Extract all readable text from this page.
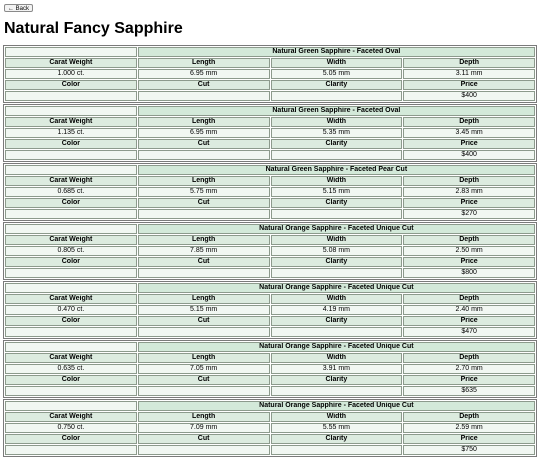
← Back
Natural Fancy Sapphire
	Natural Green Sapphire - Faceted Oval		
Carat Weight	Length	Width	Depth
1.000 ct.	6.95 mm	5.05 mm	3.11 mm
Color	Cut	Clarity	Price
			$400
	Natural Green Sapphire - Faceted Oval		
Carat Weight	Length	Width	Depth
1.135 ct.	6.95 mm	5.35 mm	3.45 mm
Color	Cut	Clarity	Price
			$400
	Natural Green Sapphire - Faceted Pear Cut		
Carat Weight	Length	Width	Depth
0.685 ct.	5.75 mm	5.15 mm	2.83 mm
Color	Cut	Clarity	Price
			$270
	Natural Orange Sapphire - Faceted Unique Cut		
Carat Weight	Length	Width	Depth
0.805 ct.	7.85 mm	5.08 mm	2.50 mm
Color	Cut	Clarity	Price
			$800
	Natural Orange Sapphire - Faceted Unique Cut		
Carat Weight	Length	Width	Depth
0.470 ct.	5.15 mm	4.19 mm	2.40 mm
Color	Cut	Clarity	Price
			$470
	Natural Orange Sapphire - Faceted Unique Cut		
Carat Weight	Length	Width	Depth
0.635 ct.	7.05 mm	3.91 mm	2.70 mm
Color	Cut	Clarity	Price
			$635
	Natural Orange Sapphire - Faceted Unique Cut		
Carat Weight	Length	Width	Depth
0.750 ct.	7.09 mm	5.55 mm	2.59 mm
Color	Cut	Clarity	Price
			$750
